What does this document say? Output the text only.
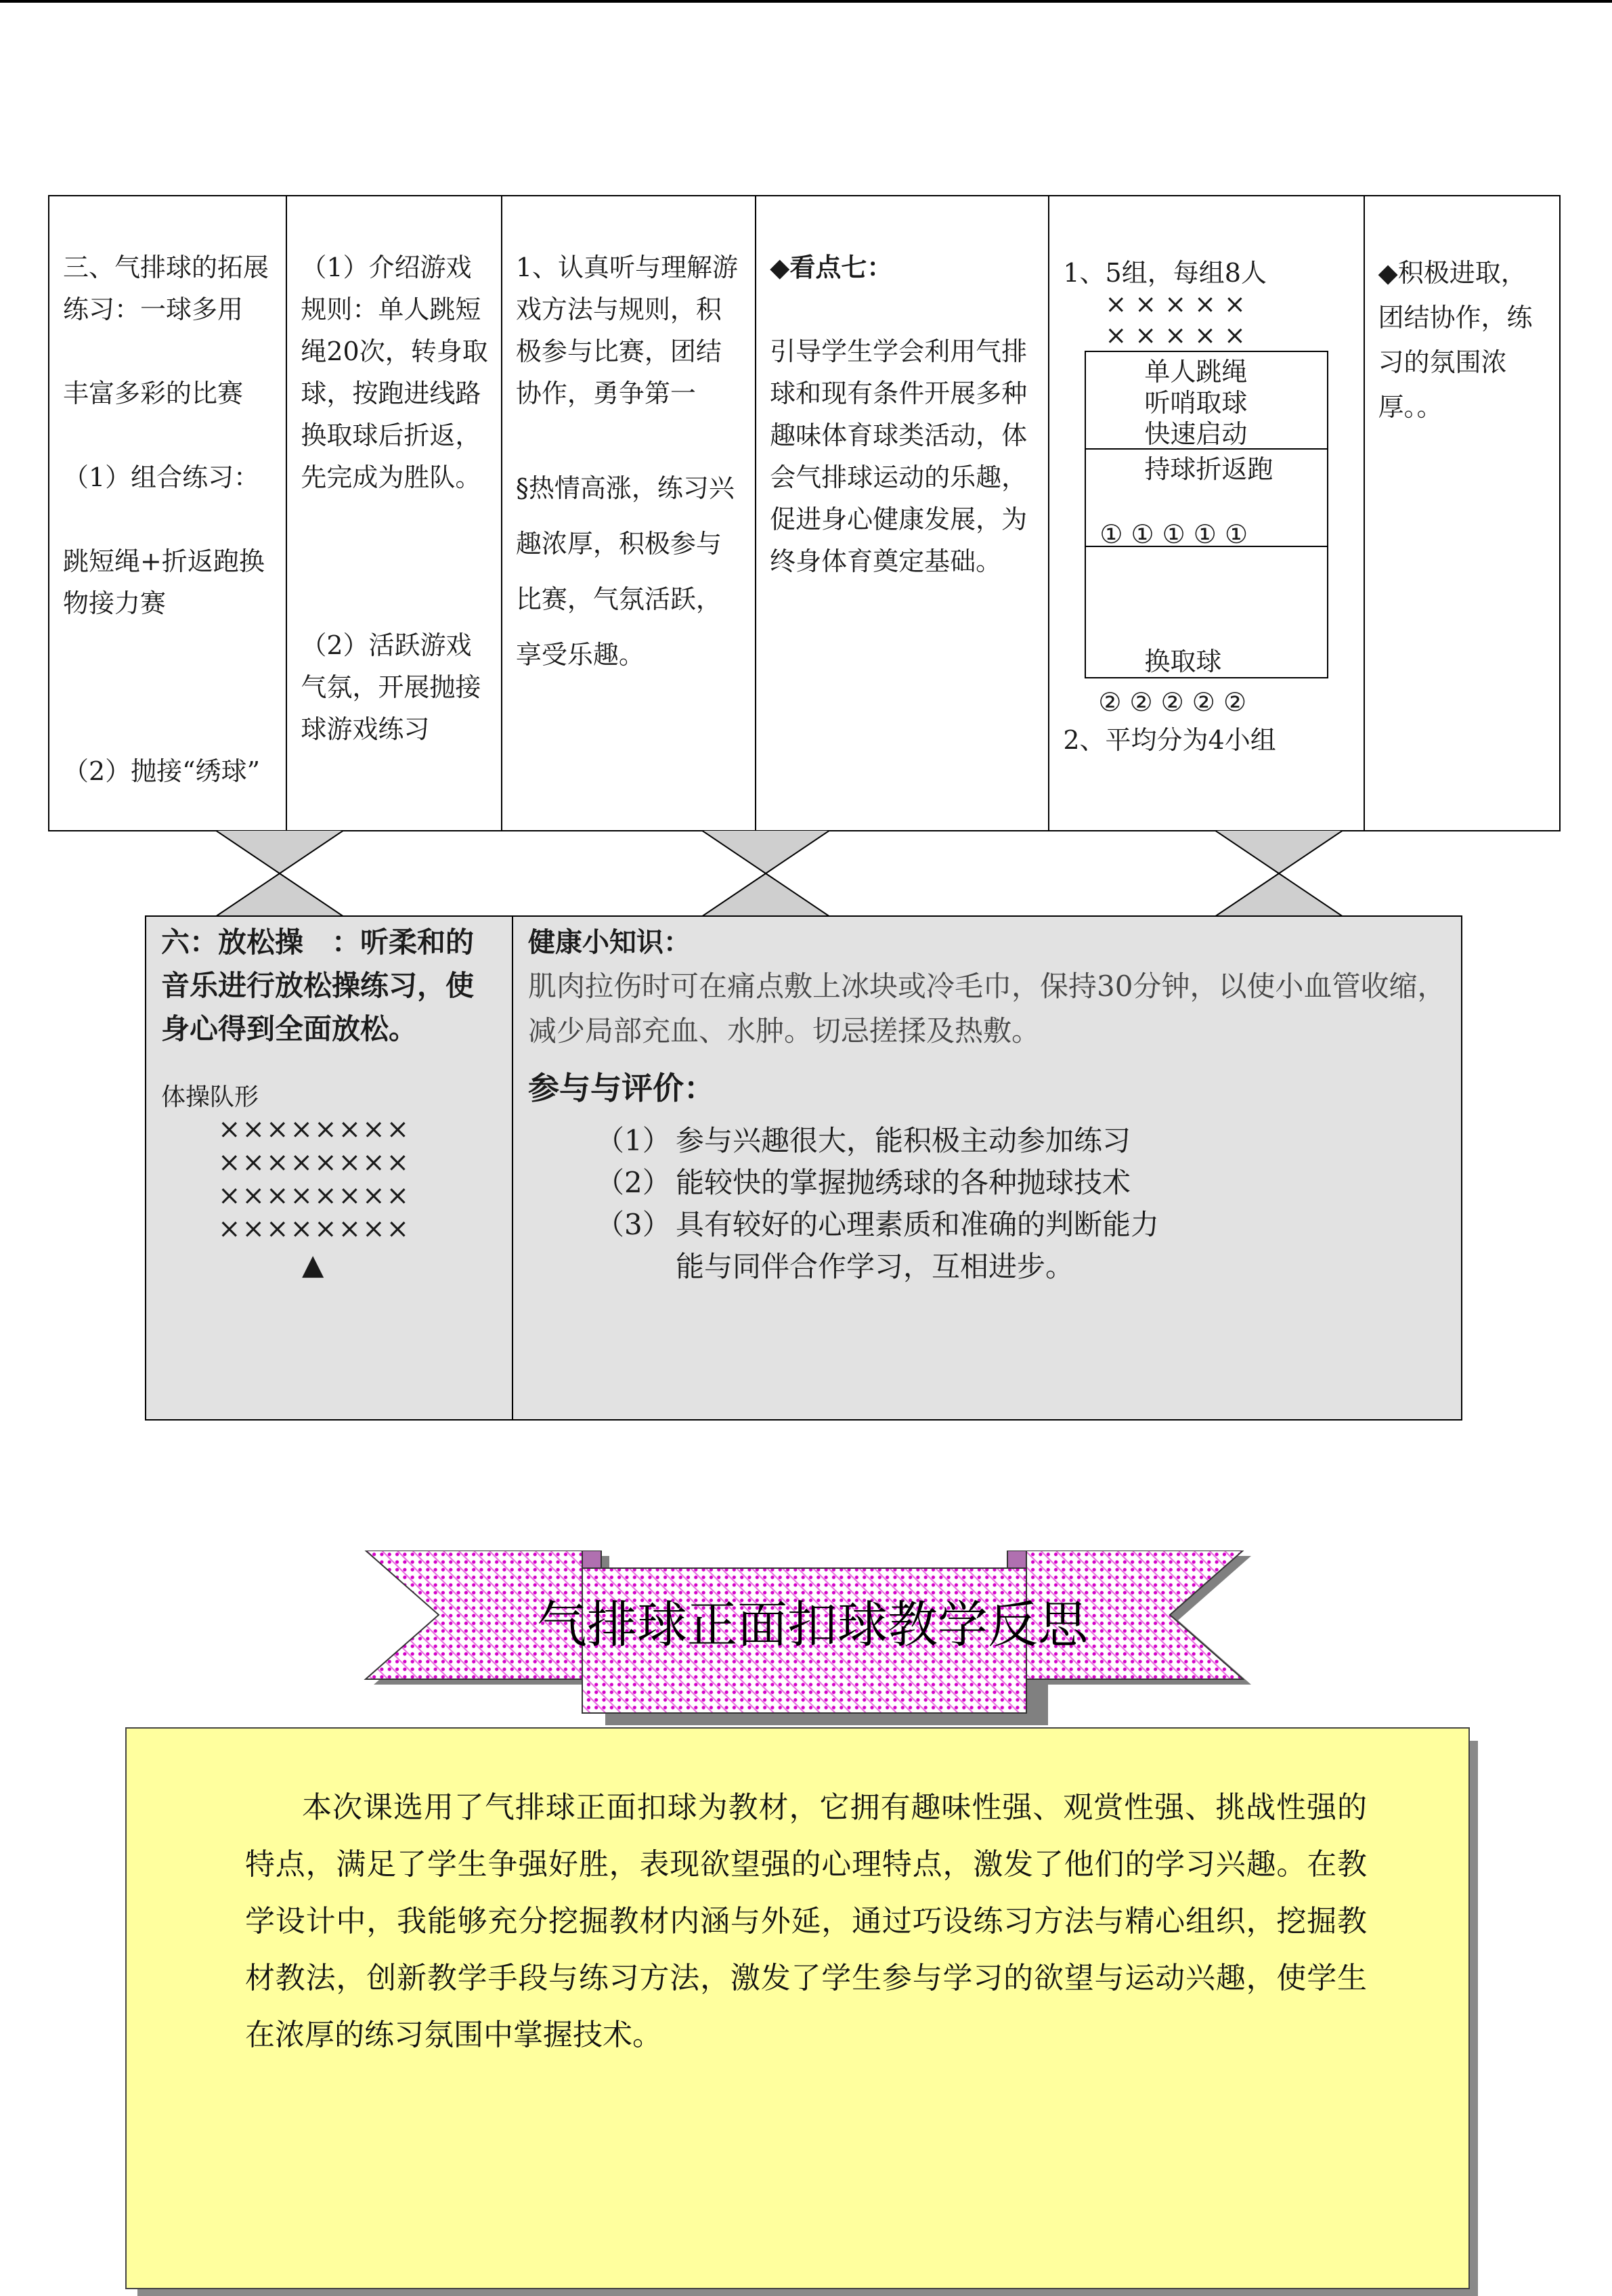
三、气排球的拓展练习：一球多用

丰富多彩的比赛

（1）组合练习：

跳短绳+折返跑换物接力赛

（2）抛接“绣球”

（1）介绍游戏规则：单人跳短绳20次，转身取球，按跑进线路换取球后折返，先完成为胜队。

（2）活跃游戏气氛，开展抛接球游戏练习

1、认真听与理解游戏方法与规则，积极参与比赛，团结协作，勇争第一

§热情高涨，练习兴趣浓厚，积极参与比赛，气氛活跃，享受乐趣。

◆看点七：

引导学生学会利用气排球和现有条件开展多种趣味体育球类活动，体会气排球运动的乐趣，促进身心健康发展，为终身体育奠定基础。

1、5组，每组8人

× × × × ×

× × × × ×

单人跳绳

听哨取球

快速启动

持球折返跑

① ① ① ① ①

换取球

② ② ② ② ②

2、平均分为4小组

◆积极进取，团结协作，练习的氛围浓厚。。

六：放松操　：听柔和的音乐进行放松操练习，使身心得到全面放松。
体操队形
××××××××
××××××××
××××××××
××××××××
▲
健康小知识：
肌肉拉伤时可在痛点敷上冰块或冷毛巾，保持30分钟，以使小血管收缩，减少局部充血、水肿。切忌搓揉及热敷。
参与与评价：
（1） 参与兴趣很大，能积极主动参加练习
（2） 能较快的掌握抛绣球的各种抛球技术
（3） 具有较好的心理素质和准确的判断能力
能与同伴合作学习，互相进步。
气排球正面扣球教学反思
本次课选用了气排球正面扣球为教材，它拥有趣味性强、观赏性强、挑战性强的特点，满足了学生争强好胜，表现欲望强的心理特点，激发了他们的学习兴趣。在教学设计中，我能够充分挖掘教材内涵与外延，通过巧设练习方法与精心组织，挖掘教材教法，创新教学手段与练习方法，激发了学生参与学习的欲望与运动兴趣，使学生在浓厚的练习氛围中掌握技术。
